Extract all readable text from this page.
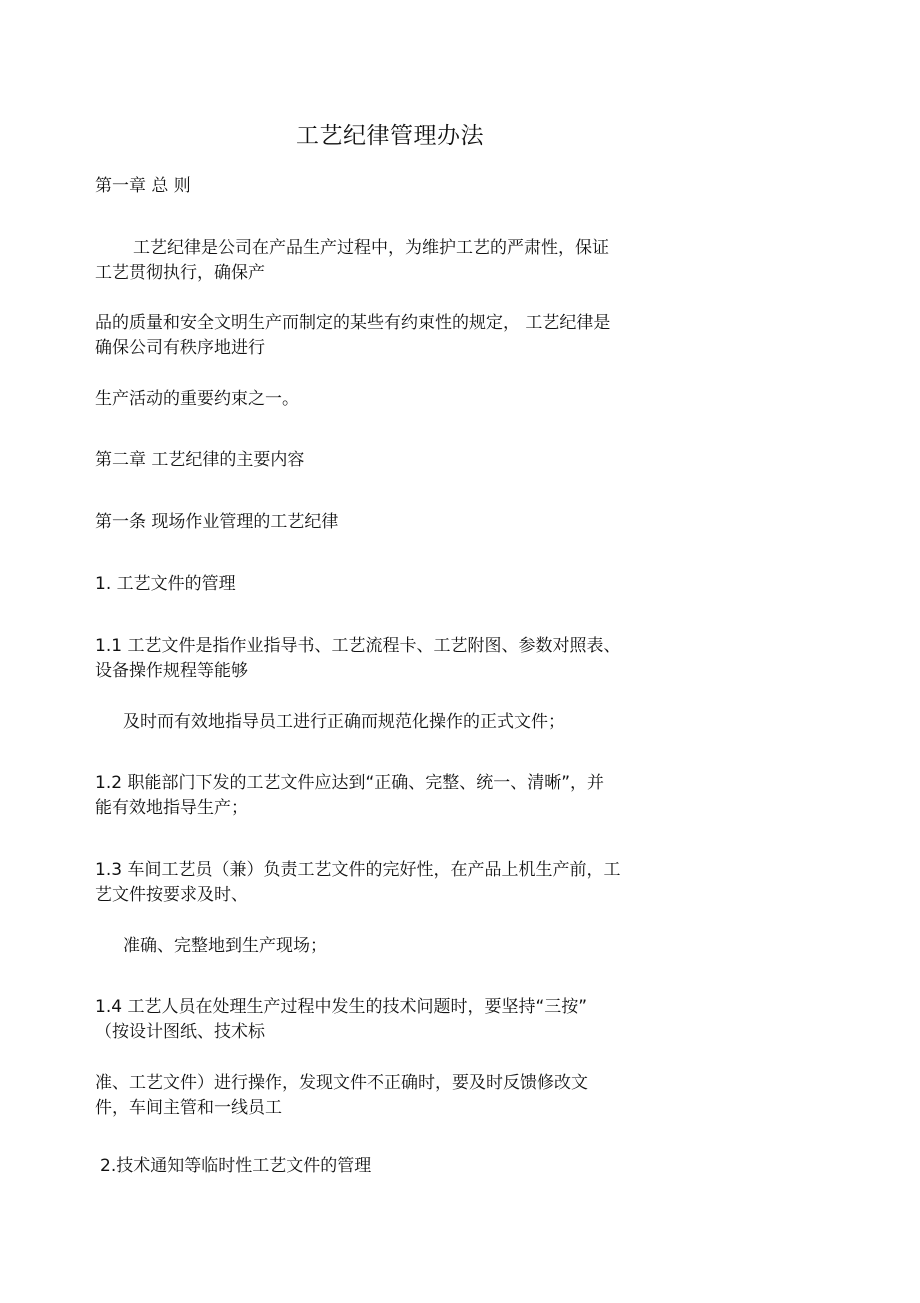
工艺纪律管理办法

第一章 总 则

工艺纪律是公司在产品生产过程中，为维护工艺的严肃性，保证

工艺贯彻执行，确保产

品的质量和安全文明生产而制定的某些有约束性的规定， 工艺纪律是

确保公司有秩序地进行

生产活动的重要约束之一。

第二章 工艺纪律的主要内容

第一条 现场作业管理的工艺纪律

1. 工艺文件的管理

1.1 工艺文件是指作业指导书、工艺流程卡、工艺附图、参数对照表、

设备操作规程等能够

及时而有效地指导员工进行正确而规范化操作的正式文件；

1.2 职能部门下发的工艺文件应达到“正确、完整、统一、清晰”，并

能有效地指导生产；

1.3 车间工艺员（兼）负责工艺文件的完好性，在产品上机生产前，工

艺文件按要求及时、

准确、完整地到生产现场；

1.4 工艺人员在处理生产过程中发生的技术问题时，要坚持“三按”

（按设计图纸、技术标

准、工艺文件）进行操作，发现文件不正确时，要及时反馈修改文

件，车间主管和一线员工

2.技术通知等临时性工艺文件的管理
